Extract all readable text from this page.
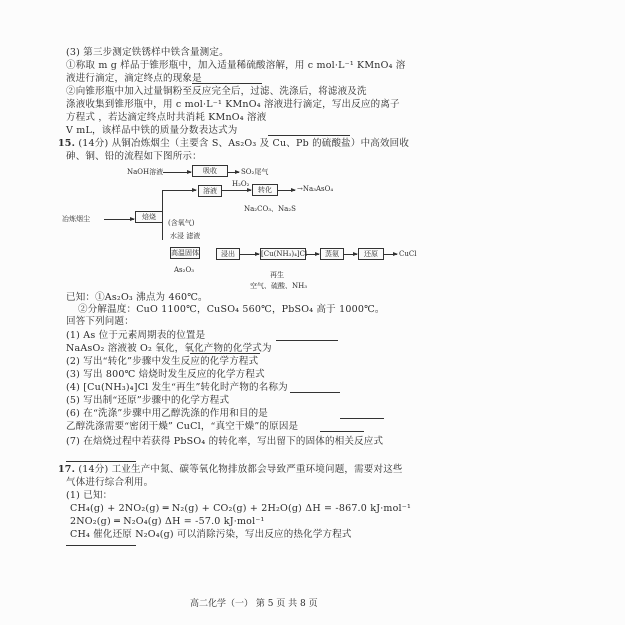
(3) 第三步测定铁锈样中铁含量测定。
①称取 m g 样品于锥形瓶中，加入适量稀硫酸溶解，用 c mol·L⁻¹ KMnO₄ 溶
液进行滴定，滴定终点的现象是
②向锥形瓶中加入过量铜粉至反应完全后，过滤、洗涤后，将滤液及洗
涤液收集到锥形瓶中，用 c mol·L⁻¹ KMnO₄ 溶液进行滴定，写出反应的离子
方程式 ，若达滴定终点时共消耗 KMnO₄ 溶液
V mL，该样品中铁的质量分数表达式为
15. (14分) 从铜冶炼烟尘（主要含 S、As₂O₃ 及 Cu、Pb 的硫酸盐）中高效回收
砷、铜、铅的流程如下图所示：
NaOH溶液	吸收	SO₂尾气
溶液
H₂O₂
转化	→Na₃AsO₄
Na₂CO₃、Na₂S
冶炼烟尘	焙烧
(含氧气)
水浸 滤液
高温固体
As₂O₃
浸出	[Cu(NH₃)₄]Cl	蒸氨	还原	CuCl
再生
空气、硫酸、NH₃
已知：①As₂O₃ 沸点为 460℃。
②分解温度：CuO 1100℃，CuSO₄ 560℃，PbSO₄ 高于 1000℃。
回答下列问题：
(1) As 位于元素周期表的位置是
NaAsO₂ 溶液被 O₂ 氧化，氧化产物的化学式为
(2) 写出“转化”步骤中发生反应的化学方程式
(3) 写出 800℃ 焙烧时发生反应的化学方程式
(4) [Cu(NH₃)₄]Cl 发生“再生”转化时产物的名称为
(5) 写出制“还原”步骤中的化学方程式
(6) 在“洗涤”步骤中用乙醇洗涤的作用和目的是
乙醇洗涤需要“密闭干燥” CuCl，“真空干燥”的原因是
(7) 在焙烧过程中若获得 PbSO₄ 的转化率，写出留下的固体的相关反应式
17. (14分) 工业生产中氮、碳等氧化物排放都会导致严重环境问题，需要对这些
气体进行综合利用。
(1) 已知：
CH₄(g) + 2NO₂(g) ═ N₂(g) + CO₂(g) + 2H₂O(g) ΔH = -867.0 kJ·mol⁻¹
2NO₂(g) ═ N₂O₄(g) ΔH = -57.0 kJ·mol⁻¹
CH₄ 催化还原 N₂O₄(g) 可以消除污染，写出反应的热化学方程式
高二化学（一） 第 5 页 共 8 页
